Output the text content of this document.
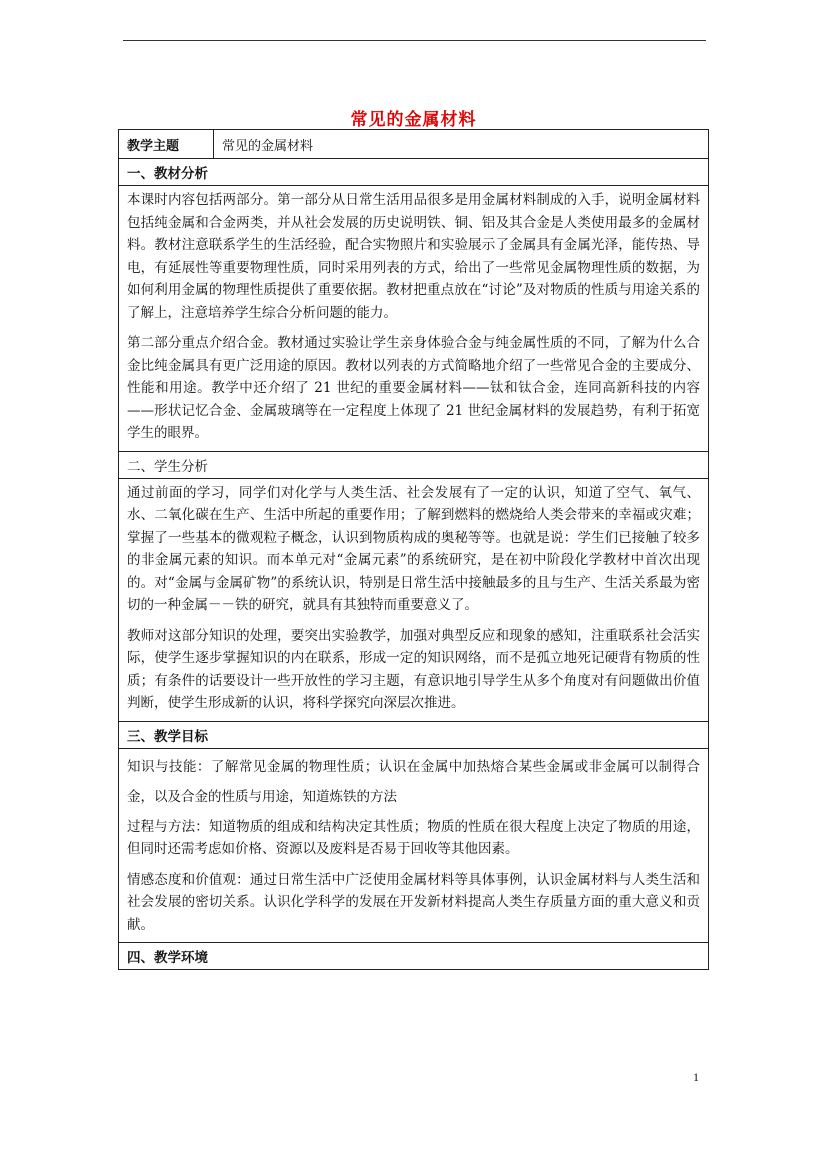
常见的金属材料
教学主题	常见的金属材料
一、教材分析

本课时内容包括两部分。第一部分从日常生活用品很多是用金属材料制成的入手，说明金属材料包括纯金属和合金两类，并从社会发展的历史说明铁、铜、铝及其合金是人类使用最多的金属材料。教材注意联系学生的生活经验，配合实物照片和实验展示了金属具有金属光泽，能传热、导电，有延展性等重要物理性质，同时采用列表的方式，给出了一些常见金属物理性质的数据，为如何利用金属的物理性质提供了重要依据。教材把重点放在“讨论”及对物质的性质与用途关系的了解上，注意培养学生综合分析问题的能力。

第二部分重点介绍合金。教材通过实验让学生亲身体验合金与纯金属性质的不同，了解为什么合金比纯金属具有更广泛用途的原因。教材以列表的方式简略地介绍了一些常见合金的主要成分、性能和用途。教学中还介绍了 21 世纪的重要金属材料——钛和钛合金，连同高新科技的内容——形状记忆合金、金属玻璃等在一定程度上体现了 21 世纪金属材料的发展趋势，有利于拓宽学生的眼界。

二、学生分析

通过前面的学习，同学们对化学与人类生活、社会发展有了一定的认识，知道了空气、氧气、水、二氧化碳在生产、生活中所起的重要作用；了解到燃料的燃烧给人类会带来的幸福或灾难；掌握了一些基本的微观粒子概念，认识到物质构成的奥秘等等。也就是说：学生们已接触了较多的非金属元素的知识。而本单元对“金属元素”的系统研究，是在初中阶段化学教材中首次出现的。对“金属与金属矿物”的系统认识，特别是日常生活中接触最多的且与生产、生活关系最为密切的一种金属－－铁的研究，就具有其独特而重要意义了。

教师对这部分知识的处理，要突出实验教学，加强对典型反应和现象的感知，注重联系社会活实际，使学生逐步掌握知识的内在联系，形成一定的知识网络，而不是孤立地死记硬背有物质的性质；有条件的话要设计一些开放性的学习主题，有意识地引导学生从多个角度对有问题做出价值判断，使学生形成新的认识，将科学探究向深层次推进。

三、教学目标

知识与技能：了解常见金属的物理性质；认识在金属中加热熔合某些金属或非金属可以制得合金，以及合金的性质与用途，知道炼铁的方法

过程与方法：知道物质的组成和结构决定其性质；物质的性质在很大程度上决定了物质的用途，但同时还需考虑如价格、资源以及废料是否易于回收等其他因素。

情感态度和价值观：通过日常生活中广泛使用金属材料等具体事例，认识金属材料与人类生活和社会发展的密切关系。认识化学科学的发展在开发新材料提高人类生存质量方面的重大意义和贡献。

四、教学环境
1
